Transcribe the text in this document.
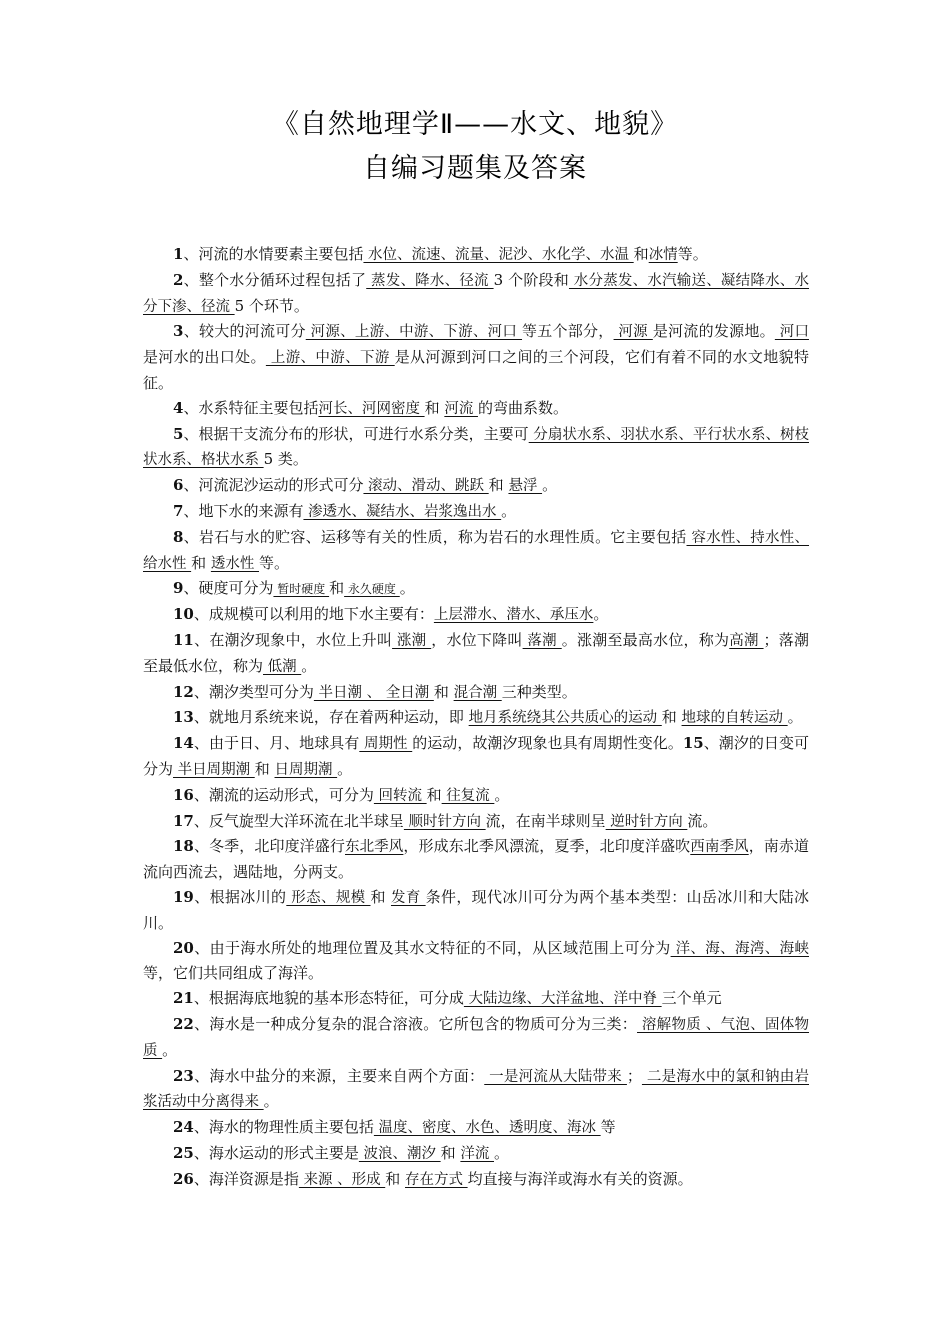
《自然地理学Ⅱ——水文、地貌》
自编习题集及答案

1、河流的水情要素主要包括 水位、流速、流量、泥沙、水化学、水温 和冰情等。

2、整个水分循环过程包括了 蒸发、降水、径流 3 个阶段和 水分蒸发、水汽输送、凝结降水、水分下渗、径流 5 个环节。

3、较大的河流可分 河源、上游、中游、下游、河口 等五个部分， 河源 是河流的发源地。 河口 是河水的出口处。 上游、中游、下游 是从河源到河口之间的三个河段，它们有着不同的水文地貌特征。

4、水系特征主要包括河长、河网密度 和 河流 的弯曲系数。

5、根据干支流分布的形状，可进行水系分类，主要可 分扇状水系、羽状水系、平行状水系、树枝状水系、格状水系 5 类。

6、河流泥沙运动的形式可分 滚动、滑动、跳跃 和 悬浮 。

7、地下水的来源有 渗透水、凝结水、岩浆逸出水 。

8、岩石与水的贮容、运移等有关的性质，称为岩石的水理性质。它主要包括 容水性、持水性、给水性 和 透水性 等。

9、硬度可分为 暂时硬度 和 永久硬度 。

10、成规模可以利用的地下水主要有：上层滞水、潜水、承压水。

11、在潮汐现象中，水位上升叫 涨潮 ，水位下降叫 落潮 。涨潮至最高水位，称为高潮 ；落潮至最低水位，称为 低潮 。

12、潮汐类型可分为 半日潮 、 全日潮 和 混合潮 三种类型。

13、就地月系统来说，存在着两种运动，即 地月系统绕其公共质心的运动 和 地球的自转运动 。

14、由于日、月、地球具有 周期性 的运动，故潮汐现象也具有周期性变化。15、潮汐的日变可分为 半日周期潮 和 日周期潮 。

16、潮流的运动形式，可分为 回转流 和 往复流 。

17、反气旋型大洋环流在北半球呈 顺时针方向 流，在南半球则呈 逆时针方向 流。

18、冬季，北印度洋盛行东北季风，形成东北季风漂流，夏季，北印度洋盛吹西南季风，南赤道流向西流去，遇陆地，分两支。

19、根据冰川的 形态、规模 和 发育 条件，现代冰川可分为两个基本类型：山岳冰川和大陆冰川。

20、由于海水所处的地理位置及其水文特征的不同，从区域范围上可分为 洋、海、海湾、海峡 等，它们共同组成了海洋。

21、根据海底地貌的基本形态特征，可分成 大陆边缘、大洋盆地、洋中脊 三个单元

22、海水是一种成分复杂的混合溶液。它所包含的物质可分为三类： 溶解物质 、气泡、固体物质 。

23、海水中盐分的来源，主要来自两个方面： 一是河流从大陆带来 ； 二是海水中的氯和钠由岩浆活动中分离得来 。

24、海水的物理性质主要包括 温度、密度、水色、透明度、海冰 等

25、海水运动的形式主要是 波浪、潮汐 和 洋流 。

26、海洋资源是指 来源 、形成 和 存在方式 均直接与海洋或海水有关的资源。
